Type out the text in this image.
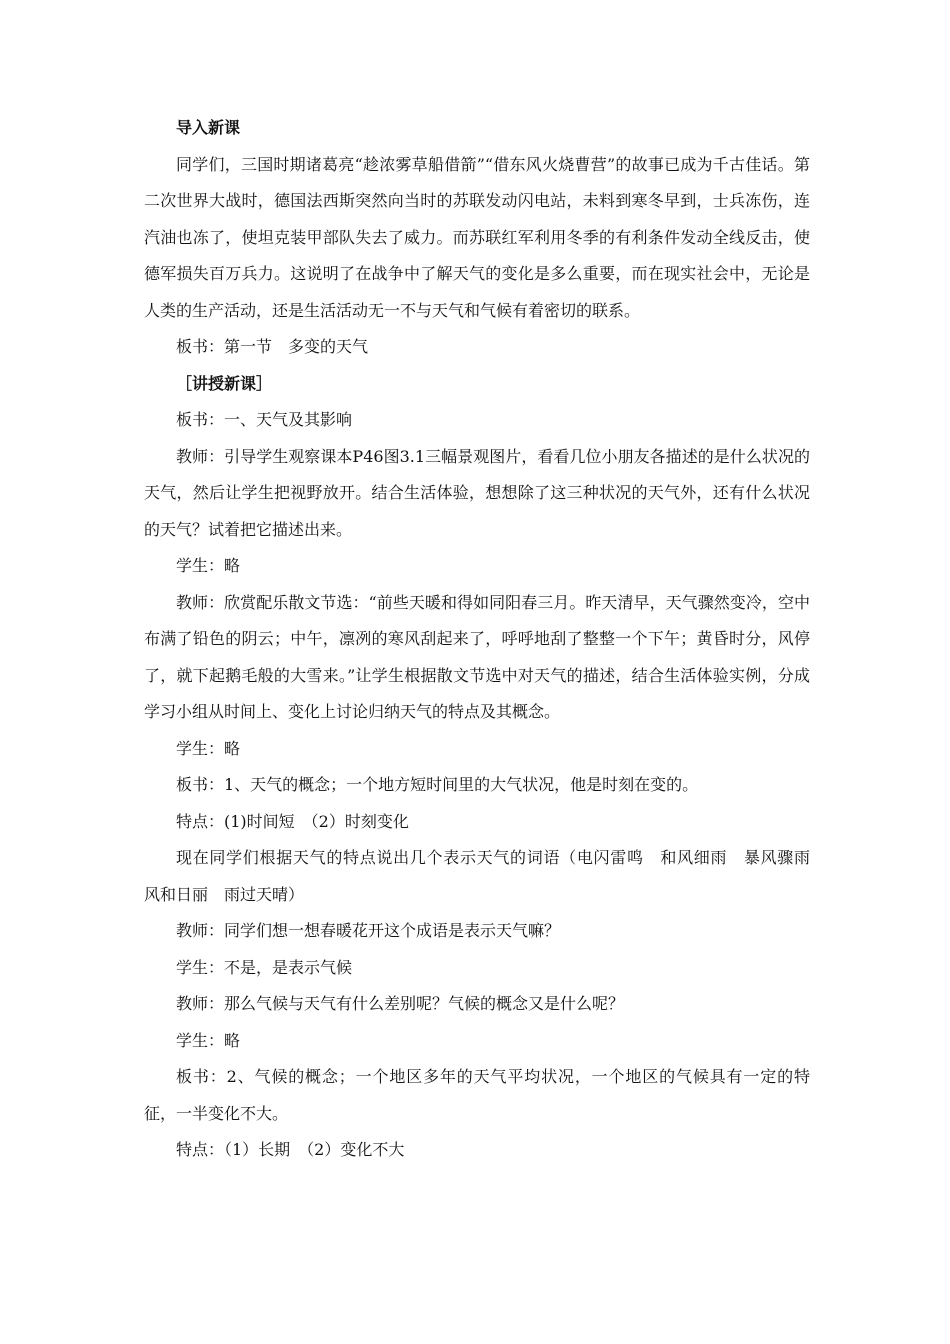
导入新课

同学们，三国时期诸葛亮“趁浓雾草船借箭”“借东风火烧曹营”的故事已成为千古佳话。第二次世界大战时，德国法西斯突然向当时的苏联发动闪电站，未料到寒冬早到，士兵冻伤，连汽油也冻了，使坦克装甲部队失去了威力。而苏联红军利用冬季的有利条件发动全线反击，使德军损失百万兵力。这说明了在战争中了解天气的变化是多么重要，而在现实社会中，无论是人类的生产活动，还是生活活动无一不与天气和气候有着密切的联系。

板书：第一节　多变的天气

［讲授新课］

板书：一、天气及其影响

教师：引导学生观察课本P46图3.1三幅景观图片，看看几位小朋友各描述的是什么状况的天气，然后让学生把视野放开。结合生活体验，想想除了这三种状况的天气外，还有什么状况的天气？试着把它描述出来。

学生：略

教师：欣赏配乐散文节选：“前些天暖和得如同阳春三月。昨天清早，天气骤然变冷，空中布满了铅色的阴云；中午，凛冽的寒风刮起来了，呼呼地刮了整整一个下午；黄昏时分，风停了，就下起鹅毛般的大雪来。”让学生根据散文节选中对天气的描述，结合生活体验实例，分成学习小组从时间上、变化上讨论归纳天气的特点及其概念。

学生：略

板书：1、天气的概念；一个地方短时间里的大气状况，他是时刻在变的。

特点：(1)时间短　（2）时刻变化

现在同学们根据天气的特点说出几个表示天气的词语（电闪雷鸣　和风细雨　暴风骤雨　风和日丽　雨过天晴）

教师：同学们想一想春暖花开这个成语是表示天气嘛？

学生：不是，是表示气候

教师：那么气候与天气有什么差别呢？气候的概念又是什么呢？

学生：略

板书：2、气候的概念；一个地区多年的天气平均状况，一个地区的气候具有一定的特征，一半变化不大。

特点：（1）长期　（2）变化不大
